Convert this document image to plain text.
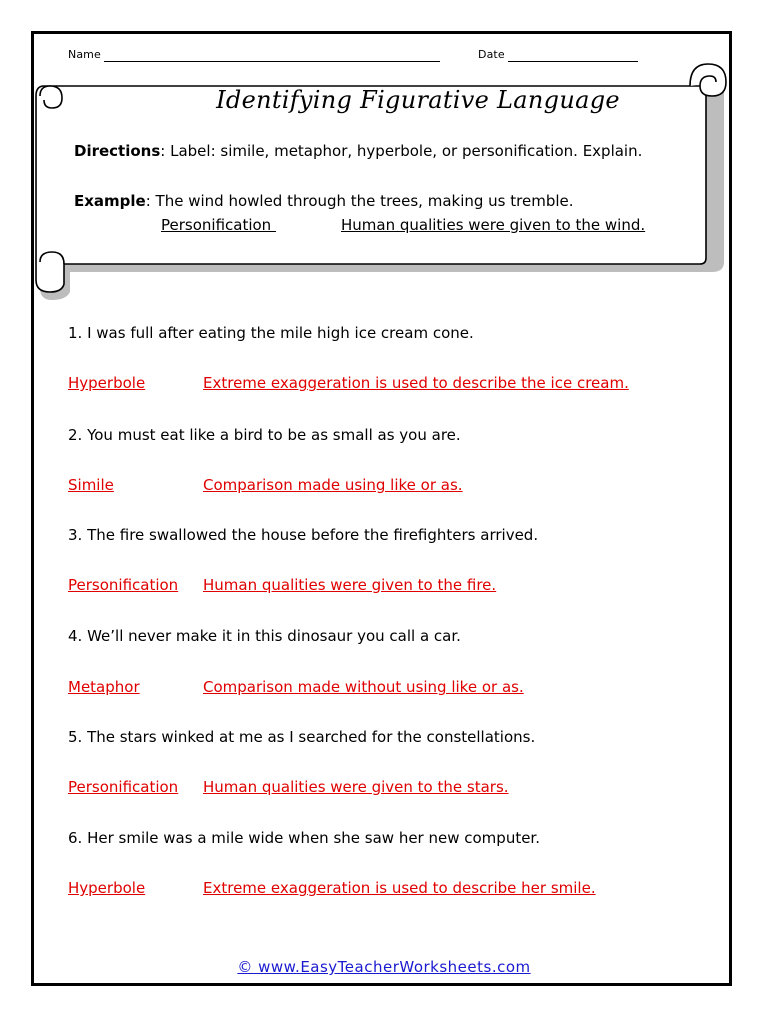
Name	Date
Identifying Figurative Language
Directions: Label: simile, metaphor, hyperbole, or personification. Explain.
Example: The wind howled through the trees, making us tremble.
Personification	Human qualities were given to the wind.
1. I was full after eating the mile high ice cream cone.
Hyperbole	Extreme exaggeration is used to describe the ice cream.
2. You must eat like a bird to be as small as you are.
Simile	Comparison made using like or as.
3. The fire swallowed the house before the firefighters arrived.
Personification Human qualities were given to the fire.
4. We’ll never make it in this dinosaur you call a car.
Metaphor	Comparison made without using like or as.
5. The stars winked at me as I searched for the constellations.
Personification Human qualities were given to the stars.
6. Her smile was a mile wide when she saw her new computer.
Hyperbole	Extreme exaggeration is used to describe her smile.
© www.EasyTeacherWorksheets.com
